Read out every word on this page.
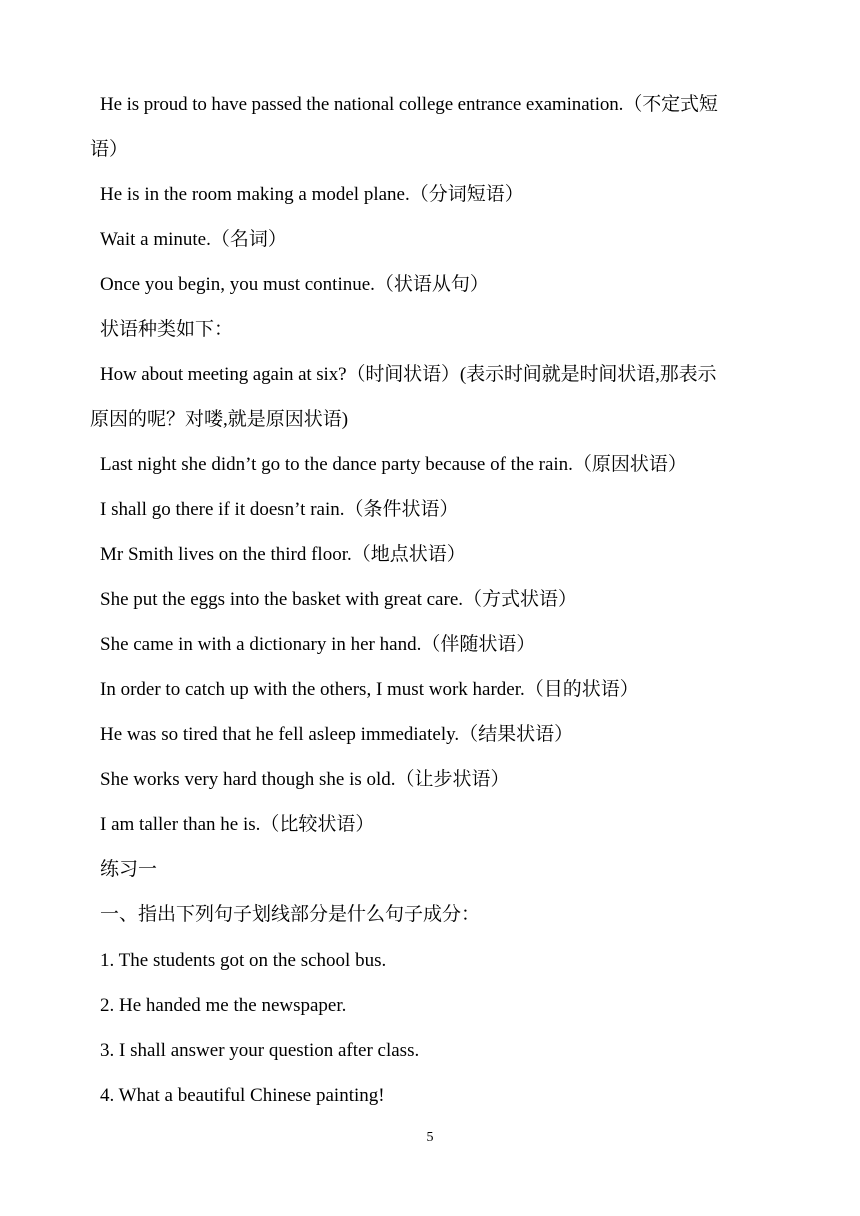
He is proud to have passed the national college entrance examination.（不定式短
语）
He is in the room making a model plane.（分词短语）
Wait a minute.（名词）
Once you begin, you must continue.（状语从句）
状语种类如下：
How about meeting again at six?（时间状语）(表示时间就是时间状语,那表示
原因的呢？对喽,就是原因状语)
Last night she didn’t go to the dance party because of the rain.（原因状语）
I shall go there if it doesn’t rain.（条件状语）
Mr Smith lives on the third floor.（地点状语）
She put the eggs into the basket with great care.（方式状语）
She came in with a dictionary in her hand.（伴随状语）
In order to catch up with the others, I must work harder.（目的状语）
He was so tired that he fell asleep immediately.（结果状语）
She works very hard though she is old.（让步状语）
I am taller than he is.（比较状语）
练习一
一、指出下列句子划线部分是什么句子成分：
1. The students got on the school bus.
2. He handed me the newspaper.
3. I shall answer your question after class.
4. What a beautiful Chinese painting!
5
